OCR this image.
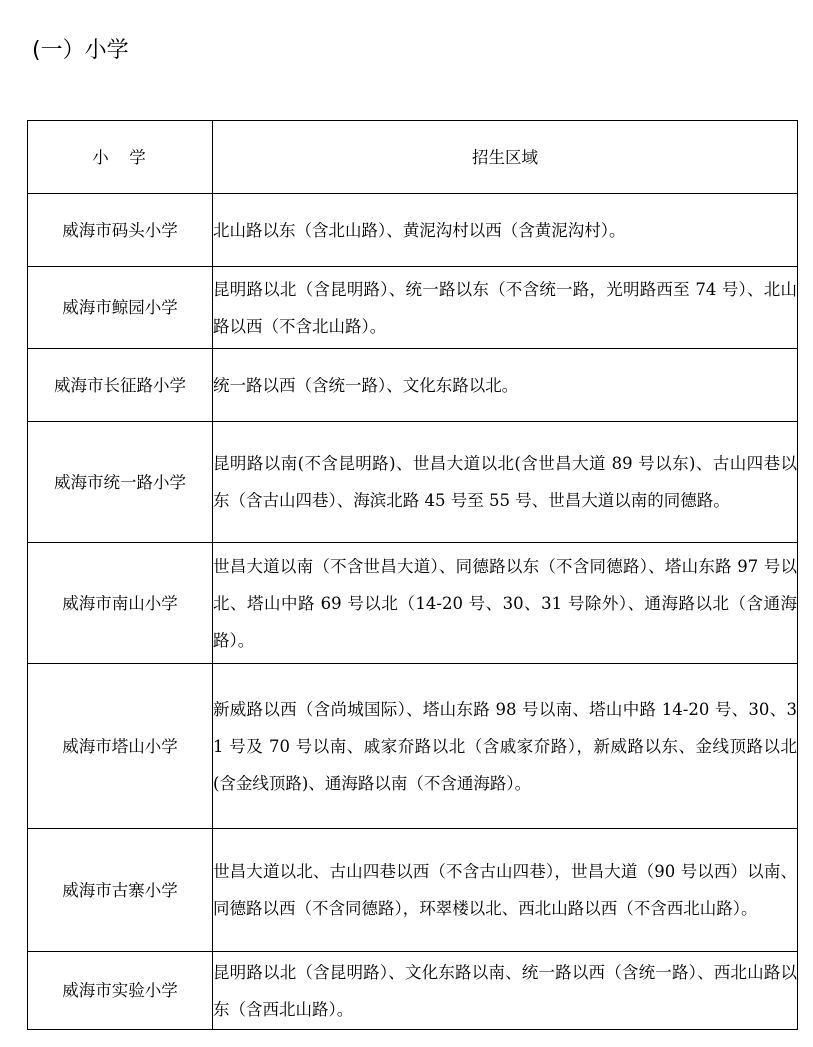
(一）小学
小　学	招生区域
威海市码头小学	北山路以东（含北山路）、黄泥沟村以西（含黄泥沟村）。
威海市鲸园小学	昆明路以北（含昆明路）、统一路以东（不含统一路，光明路西至 74 号）、北山路以西（不含北山路）。
威海市长征路小学	统一路以西（含统一路）、文化东路以北。
威海市统一路小学	昆明路以南(不含昆明路)、世昌大道以北(含世昌大道 89 号以东)、古山四巷以东（含古山四巷）、海滨北路 45 号至 55 号、世昌大道以南的同德路。
威海市南山小学	世昌大道以南（不含世昌大道）、同德路以东（不含同德路）、塔山东路 97 号以北、塔山中路 69 号以北（14-20 号、30、31 号除外）、通海路以北（含通海路）。
威海市塔山小学	新威路以西（含尚城国际）、塔山东路 98 号以南、塔山中路 14-20 号、30、31 号及 70 号以南、戚家夼路以北（含戚家夼路），新威路以东、金线顶路以北(含金线顶路)、通海路以南（不含通海路）。
威海市古寨小学	世昌大道以北、古山四巷以西（不含古山四巷），世昌大道（90 号以西）以南、同德路以西（不含同德路），环翠楼以北、西北山路以西（不含西北山路）。
威海市实验小学	昆明路以北（含昆明路）、文化东路以南、统一路以西（含统一路）、西北山路以东（含西北山路）。
